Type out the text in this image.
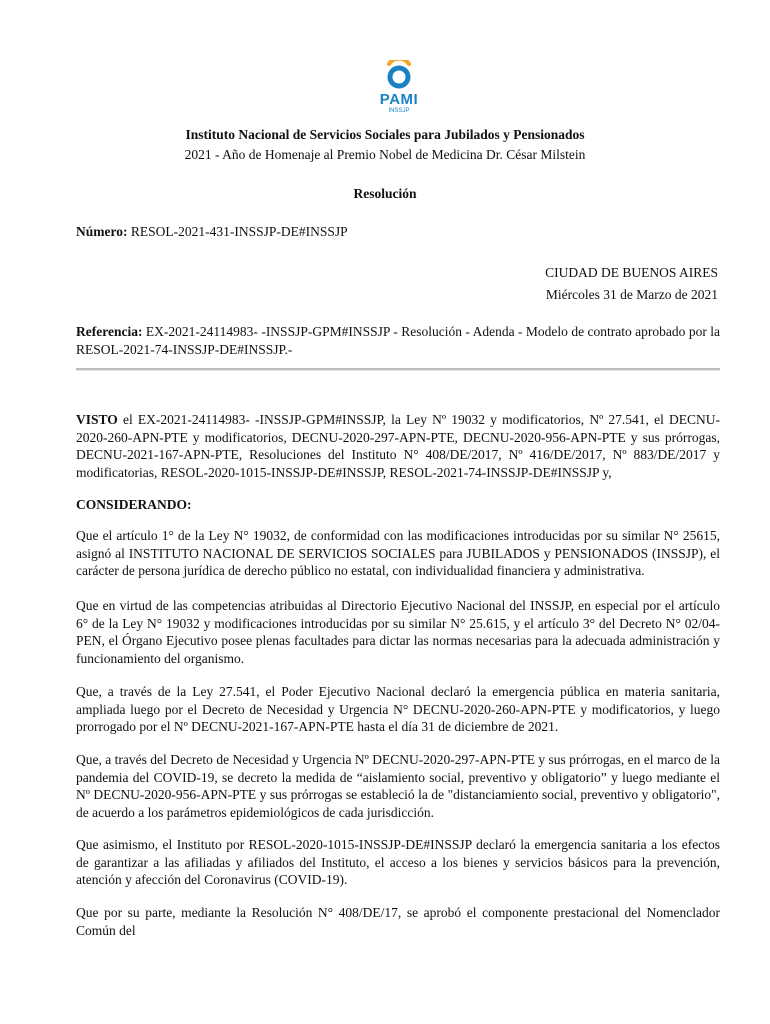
PAMI
INSSJP
Instituto Nacional de Servicios Sociales para Jubilados y Pensionados
2021 - Año de Homenaje al Premio Nobel de Medicina Dr. César Milstein
Resolución
Número: RESOL-2021-431-INSSJP-DE#INSSJP
CIUDAD DE BUENOS AIRES
Miércoles 31 de Marzo de 2021
Referencia: EX-2021-24114983- -INSSJP-GPM#INSSJP - Resolución - Adenda - Modelo de contrato aprobado por la RESOL-2021-74-INSSJP-DE#INSSJP.-
VISTO el EX-2021-24114983- -INSSJP-GPM#INSSJP, la Ley Nº 19032 y modificatorios, Nº 27.541, el DECNU-2020-260-APN-PTE y modificatorios, DECNU-2020-297-APN-PTE, DECNU-2020-956-APN-PTE y sus prórrogas, DECNU-2021-167-APN-PTE, Resoluciones del Instituto N° 408/DE/2017, Nº 416/DE/2017, Nº 883/DE/2017 y modificatorias, RESOL-2020-1015-INSSJP-DE#INSSJP, RESOL-2021-74-INSSJP-DE#INSSJP y,
CONSIDERANDO:
Que el artículo 1° de la Ley N° 19032, de conformidad con las modificaciones introducidas por su similar N° 25615, asignó al INSTITUTO NACIONAL DE SERVICIOS SOCIALES para JUBILADOS y PENSIONADOS (INSSJP), el carácter de persona jurídica de derecho público no estatal, con individualidad financiera y administrativa.
Que en virtud de las competencias atribuidas al Directorio Ejecutivo Nacional del INSSJP, en especial por el artículo 6° de la Ley N° 19032 y modificaciones introducidas por su similar N° 25.615, y el artículo 3° del Decreto N° 02/04-PEN, el Órgano Ejecutivo posee plenas facultades para dictar las normas necesarias para la adecuada administración y funcionamiento del organismo.
Que, a través de la Ley 27.541, el Poder Ejecutivo Nacional declaró la emergencia pública en materia sanitaria, ampliada luego por el Decreto de Necesidad y Urgencia N° DECNU-2020-260-APN-PTE y modificatorios, y luego prorrogado por el Nº DECNU-2021-167-APN-PTE hasta el día 31 de diciembre de 2021.
Que, a través del Decreto de Necesidad y Urgencia Nº DECNU-2020-297-APN-PTE y sus prórrogas, en el marco de la pandemia del COVID-19, se decreto la medida de “aislamiento social, preventivo y obligatorio” y luego mediante el Nº DECNU-2020-956-APN-PTE y sus prórrogas se estableció la de "distanciamiento social, preventivo y obligatorio", de acuerdo a los parámetros epidemiológicos de cada jurisdicción.
Que asimismo, el Instituto por RESOL-2020-1015-INSSJP-DE#INSSJP declaró la emergencia sanitaria a los efectos de garantizar a las afiliadas y afiliados del Instituto, el acceso a los bienes y servicios básicos para la prevención, atención y afección del Coronavirus (COVID-19).
Que por su parte, mediante la Resolución N° 408/DE/17, se aprobó el componente prestacional del Nomenclador Común del
